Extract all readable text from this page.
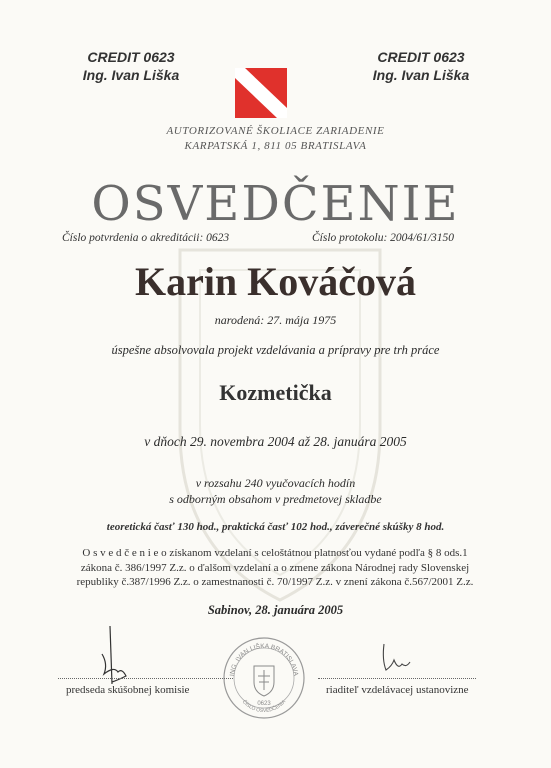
CREDIT 0623
Ing. Ivan Liška
CREDIT 0623
Ing. Ivan Liška
AUTORIZOVANÉ ŠKOLIACE ZARIADENIE
KARPATSKÁ 1, 811 05 BRATISLAVA
OSVEDČENIE
Číslo potvrdenia o akreditácii: 0623	Číslo protokolu: 2004/61/3150
Karin Kováčová
narodená: 27. mája 1975
úspešne absolvovala projekt vzdelávania a prípravy pre trh práce
Kozmetička
v dňoch 29. novembra 2004 až 28. januára 2005
v rozsahu 240 vyučovacích hodín
s odborným obsahom v predmetovej skladbe
teoretická časť 130 hod., praktická časť 102 hod., záverečné skúšky 8 hod.
O s v e d č e n i e o získanom vzdelaní s celoštátnou platnosťou vydané podľa § 8 ods.1
zákona č. 386/1997 Z.z. o ďalšom vzdelaní a o zmene zákona Národnej rady Slovenskej
republiky č.387/1996 Z.z. o zamestnanosti č. 70/1997 Z.z. v znení zákona č.567/2001 Z.z.
Sabinov, 28. januára 2005
ING. IVAN LIŠKA BRATISLAVA
0623
ČÍSLO OSVEDČENIA
predseda skúšobnej komisie	riaditeľ vzdelávacej ustanovizne
